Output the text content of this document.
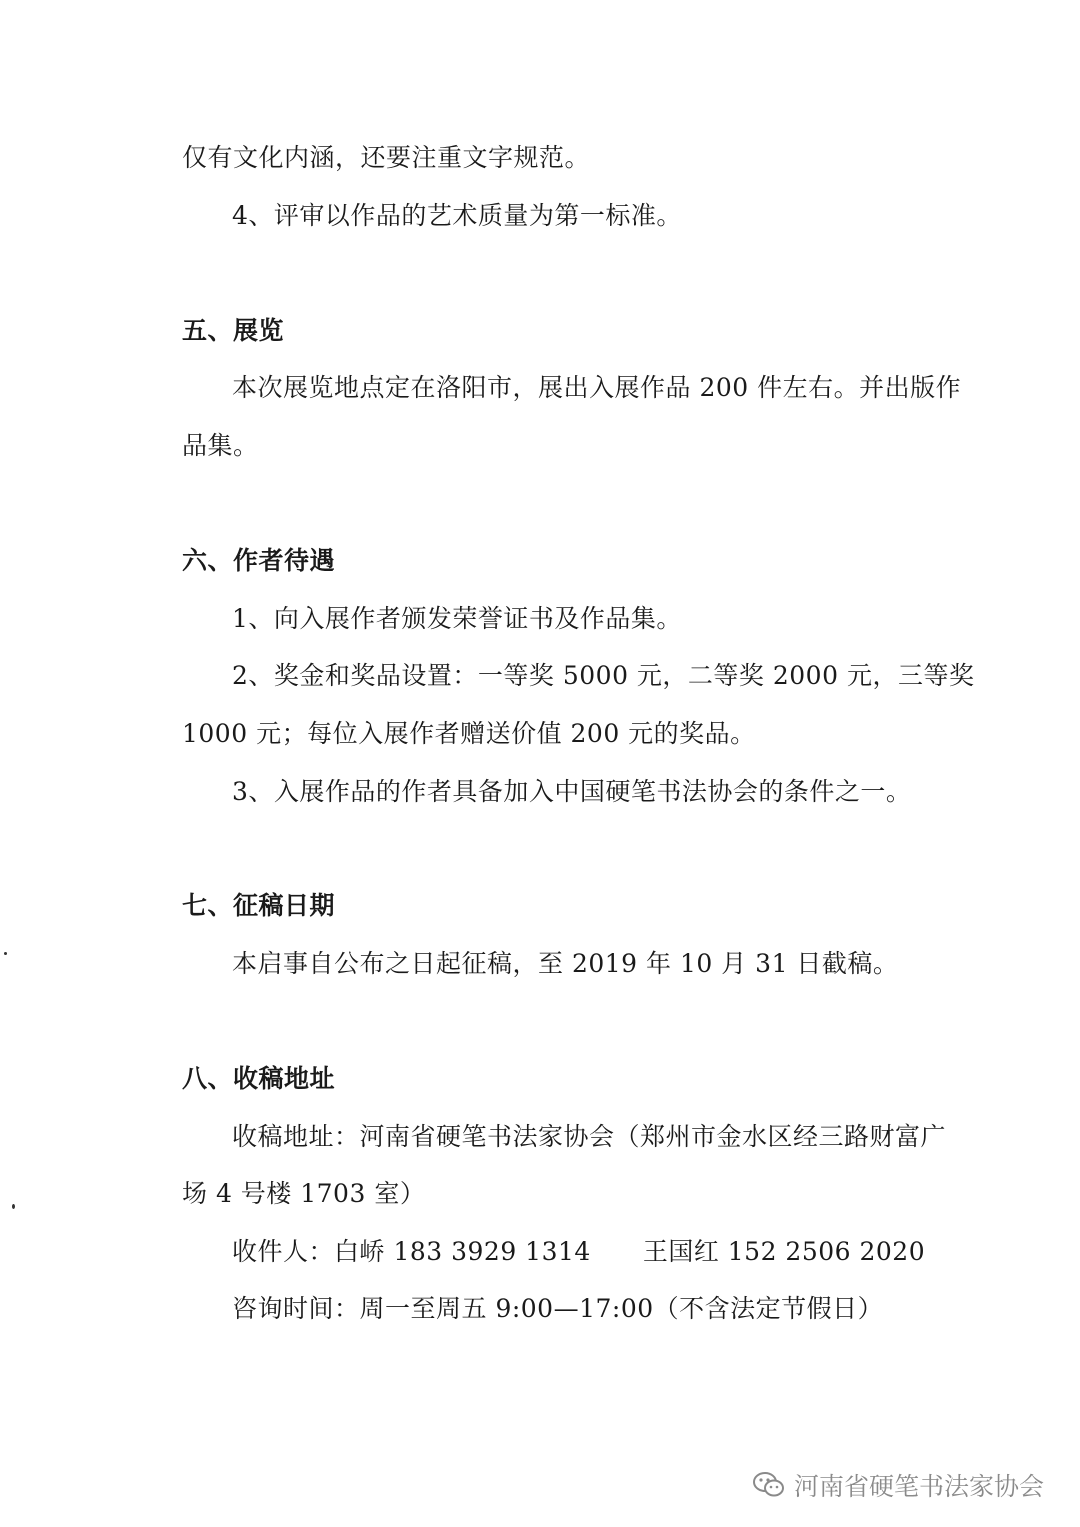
仅有文化内涵，还要注重文字规范。
4、评审以作品的艺术质量为第一标准。
五、展览
本次展览地点定在洛阳市，展出入展作品 200 件左右。并出版作
品集。
六、作者待遇
1、向入展作者颁发荣誉证书及作品集。
2、奖金和奖品设置：一等奖 5000 元，二等奖 2000 元，三等奖
1000 元；每位入展作者赠送价值 200 元的奖品。
3、入展作品的作者具备加入中国硬笔书法协会的条件之一。
七、征稿日期
本启事自公布之日起征稿，至 2019 年 10 月 31 日截稿。
八、收稿地址
收稿地址：河南省硬笔书法家协会（郑州市金水区经三路财富广
场 4 号楼 1703 室）
收件人：白峤 183 3929 1314 王国红 152 2506 2020
咨询时间：周一至周五 9:00—17:00（不含法定节假日）
河南省硬笔书法家协会
